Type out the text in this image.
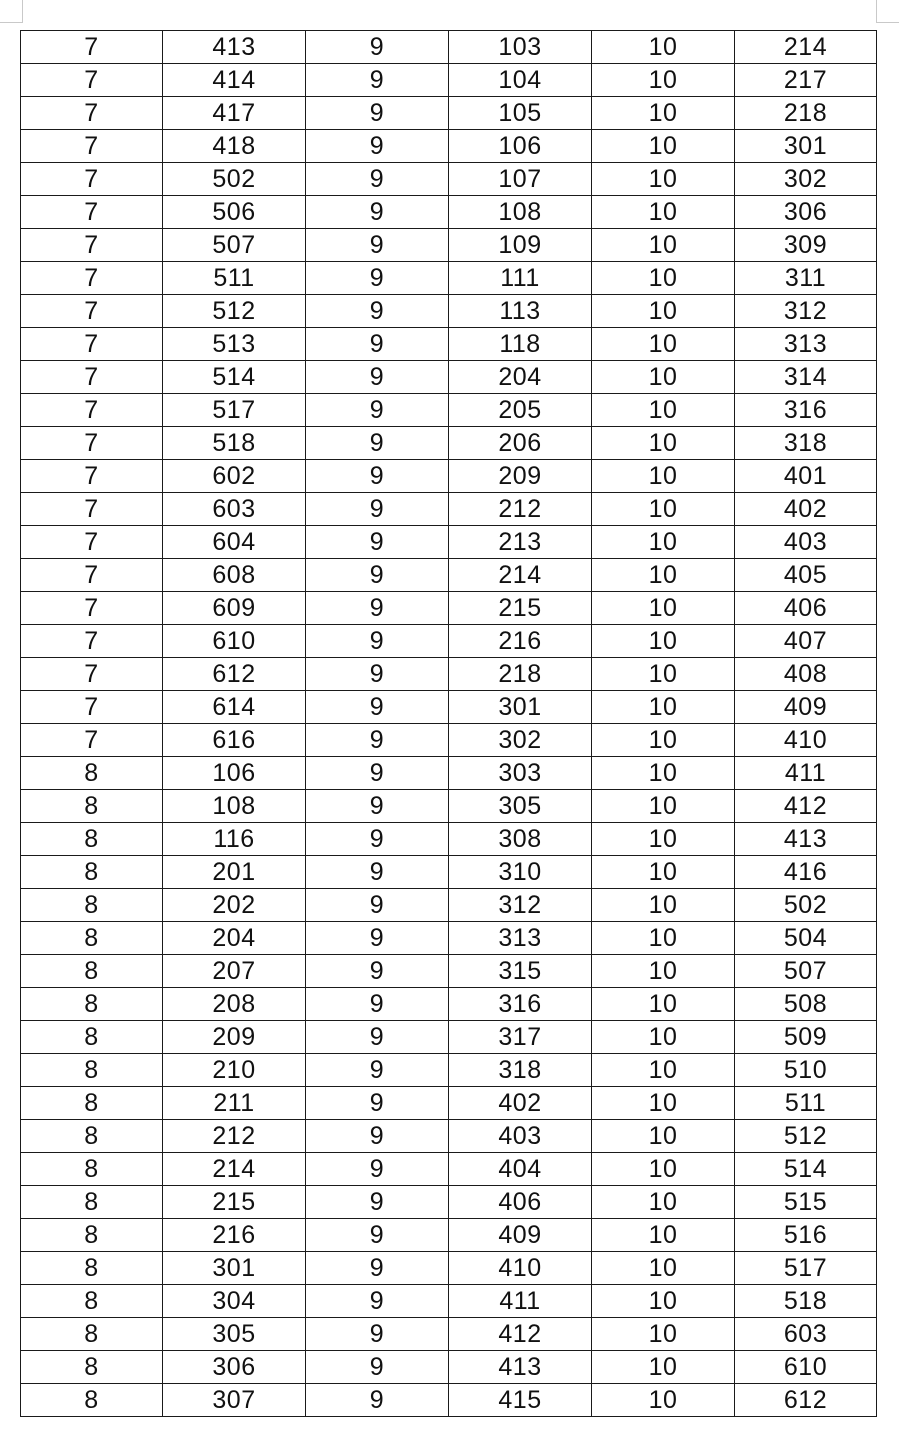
7	413	9	103	10	214
7	414	9	104	10	217
7	417	9	105	10	218
7	418	9	106	10	301
7	502	9	107	10	302
7	506	9	108	10	306
7	507	9	109	10	309
7	511	9	111	10	311
7	512	9	113	10	312
7	513	9	118	10	313
7	514	9	204	10	314
7	517	9	205	10	316
7	518	9	206	10	318
7	602	9	209	10	401
7	603	9	212	10	402
7	604	9	213	10	403
7	608	9	214	10	405
7	609	9	215	10	406
7	610	9	216	10	407
7	612	9	218	10	408
7	614	9	301	10	409
7	616	9	302	10	410
8	106	9	303	10	411
8	108	9	305	10	412
8	116	9	308	10	413
8	201	9	310	10	416
8	202	9	312	10	502
8	204	9	313	10	504
8	207	9	315	10	507
8	208	9	316	10	508
8	209	9	317	10	509
8	210	9	318	10	510
8	211	9	402	10	511
8	212	9	403	10	512
8	214	9	404	10	514
8	215	9	406	10	515
8	216	9	409	10	516
8	301	9	410	10	517
8	304	9	411	10	518
8	305	9	412	10	603
8	306	9	413	10	610
8	307	9	415	10	612
